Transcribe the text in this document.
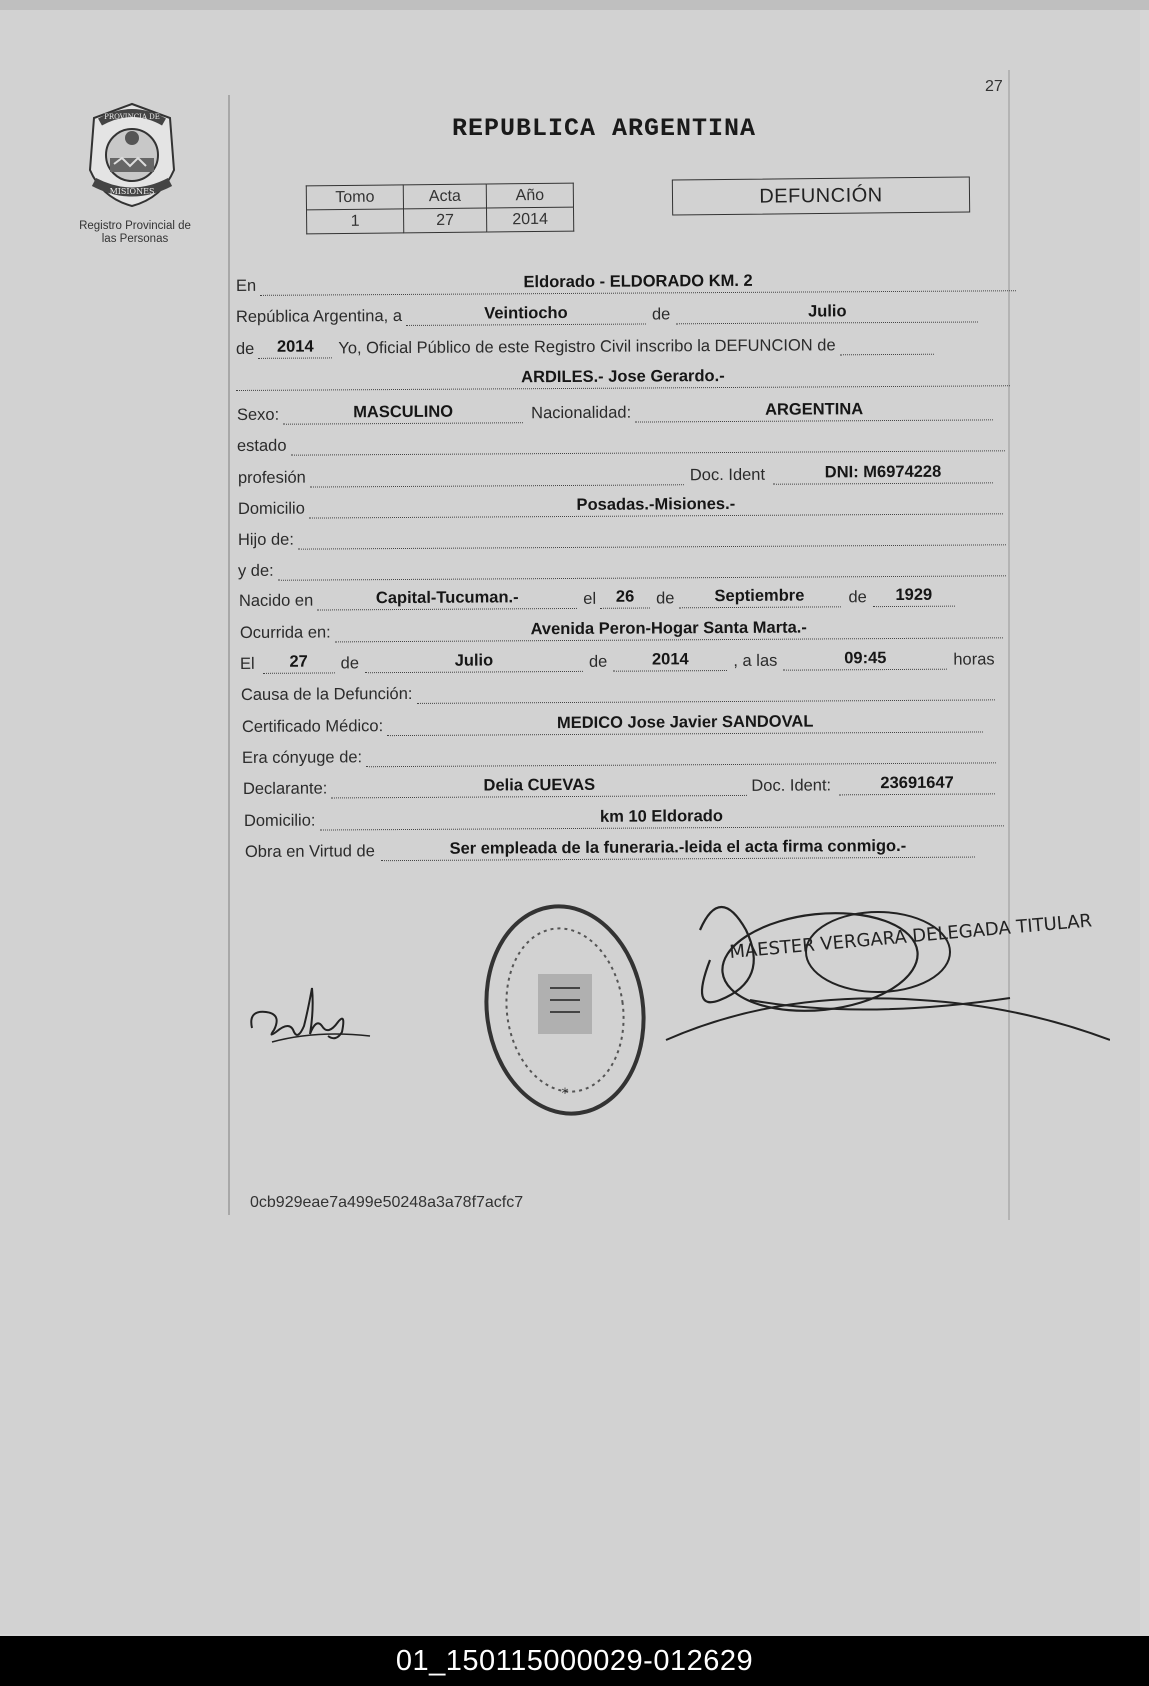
27
PROVINCIA DE
MISIONES
Registro Provincial de
las Personas
REPUBLICA ARGENTINA
Tomo	Acta	Año
1	27	2014
DEFUNCIÓN
En	Eldorado - ELDORADO KM. 2
República Argentina, a	Veintiocho	de	Julio
de	2014	Yo, Oficial Público de este Registro Civil inscribo la DEFUNCION de
ARDILES.- Jose Gerardo.-
Sexo:	MASCULINO	Nacionalidad:	ARGENTINA
estado
profesión	Doc. Ident	DNI: M6974228
Domicilio	Posadas.-Misiones.-
Hijo de:
y de:
Nacido en	Capital-Tucuman.-	el	26	de	Septiembre	de	1929
Ocurrida en:	Avenida Peron-Hogar Santa Marta.-
El	27	de	Julio	de	2014	, a las	09:45	horas
Causa de la Defunción:
Certificado Médico:	MEDICO Jose Javier SANDOVAL
Era cónyuge de:
Declarante:	Delia CUEVAS	Doc. Ident:	23691647
Domicilio:	km 10 Eldorado
Obra en Virtud de	Ser empleada de la funeraria.-leida el acta firma conmigo.-
*
MAESTER VERGARA DELEGADA TITULAR
0cb929eae7a499e50248a3a78f7acfc7
01_150115000029-012629
